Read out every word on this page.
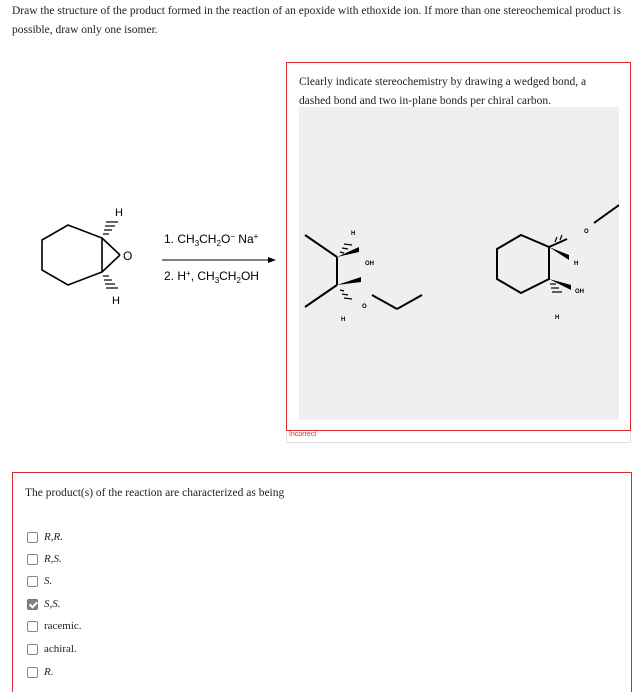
Draw the structure of the product formed in the reaction of an epoxide with ethoxide ion. If more than one stereochemical product is possible, draw only one isomer.
H
H
O
1. $CH_3CH_2O^-$ Na+
2. H+, $CH_3CH_2OH$
Clearly indicate stereochemistry by drawing a wedged bond, a dashed bond and two in-plane bonds per chiral carbon.
H
OH
H
O
O
H
OH
H
Incorrect
The product(s) of the reaction are characterized as being
R,R.
R,S.
S.
S,S.
racemic.
achiral.
R.
